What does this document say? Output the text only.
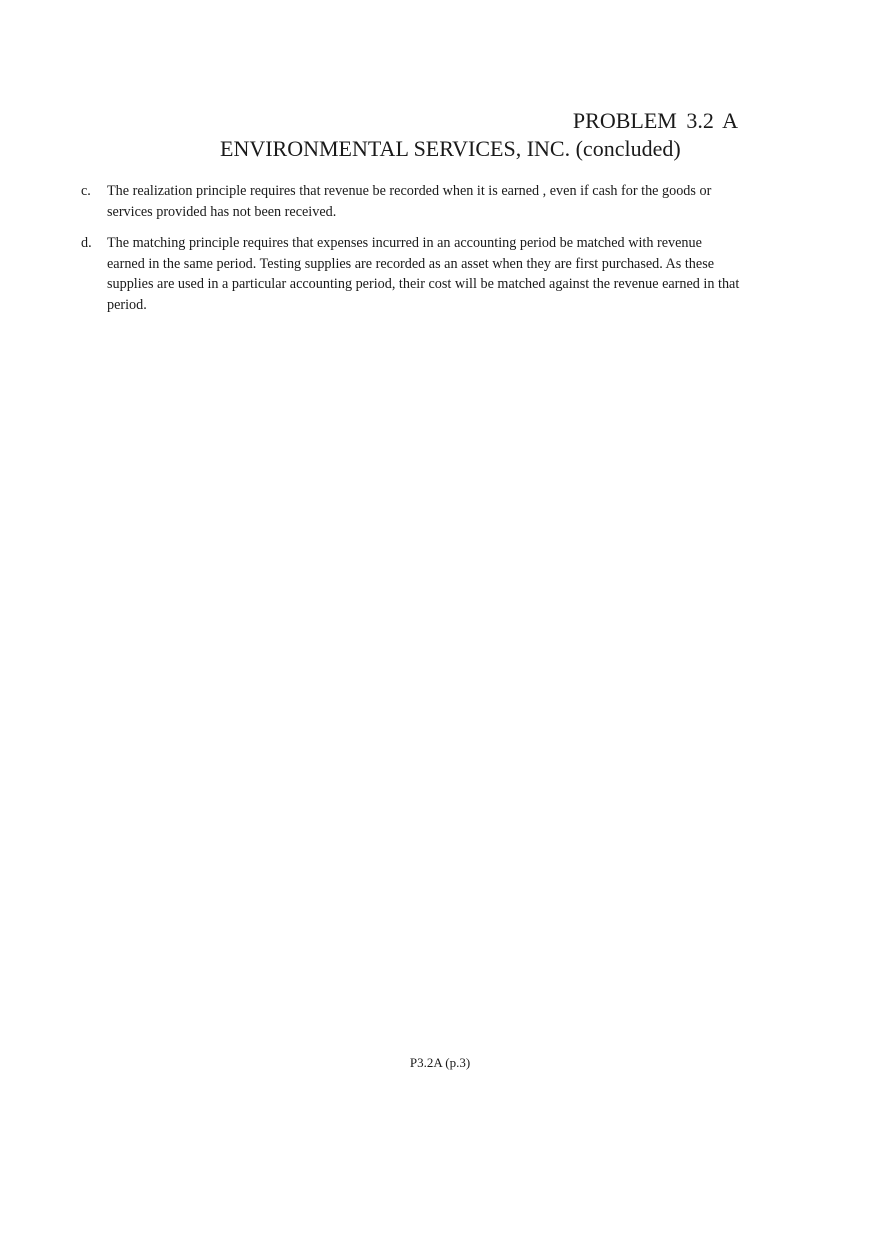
PROBLEM 3.2 A
ENVIRONMENTAL SERVICES, INC. (concluded)
c. The realization principle requires that revenue be recorded when it is earned , even if cash for the goods or services provided has not been received.
d. The matching principle requires that expenses incurred in an accounting period be matched with revenue earned in the same period. Testing supplies are recorded as an asset when they are first purchased. As these supplies are used in a particular accounting period, their cost will be matched against the revenue earned in that period.
P3.2A (p.3)
